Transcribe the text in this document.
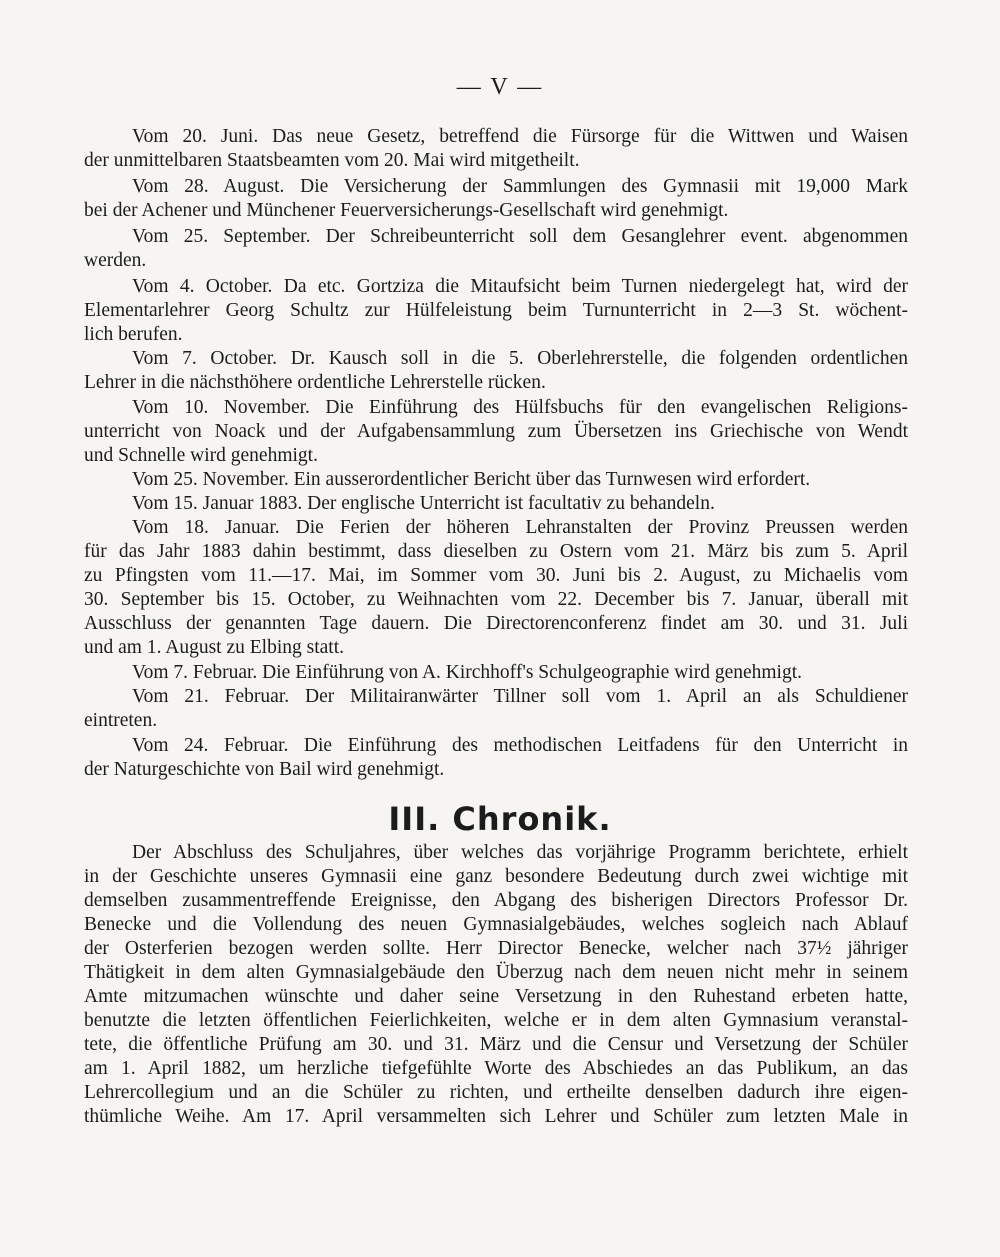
— V —
Vom 20. Juni. Das neue Gesetz, betreffend die Fürsorge für die Wittwen und Waisen
der unmittelbaren Staatsbeamten vom 20. Mai wird mitgetheilt.
Vom 28. August. Die Versicherung der Sammlungen des Gymnasii mit 19,000 Mark
bei der Achener und Münchener Feuerversicherungs-Gesellschaft wird genehmigt.
Vom 25. September. Der Schreibeunterricht soll dem Gesanglehrer event. abgenommen
werden.
Vom 4. October. Da etc. Gortziza die Mitaufsicht beim Turnen niedergelegt hat, wird der
Elementarlehrer Georg Schultz zur Hülfeleistung beim Turnunterricht in 2—3 St. wöchent-
lich berufen.
Vom 7. October. Dr. Kausch soll in die 5. Oberlehrerstelle, die folgenden ordentlichen
Lehrer in die nächsthöhere ordentliche Lehrerstelle rücken.
Vom 10. November. Die Einführung des Hülfsbuchs für den evangelischen Religions-
unterricht von Noack und der Aufgabensammlung zum Übersetzen ins Griechische von Wendt
und Schnelle wird genehmigt.
Vom 25. November. Ein ausserordentlicher Bericht über das Turnwesen wird erfordert.
Vom 15. Januar 1883. Der englische Unterricht ist facultativ zu behandeln.
Vom 18. Januar. Die Ferien der höheren Lehranstalten der Provinz Preussen werden
für das Jahr 1883 dahin bestimmt, dass dieselben zu Ostern vom 21. März bis zum 5. April
zu Pfingsten vom 11.—17. Mai, im Sommer vom 30. Juni bis 2. August, zu Michaelis vom
30. September bis 15. October, zu Weihnachten vom 22. December bis 7. Januar, überall mit
Ausschluss der genannten Tage dauern. Die Directorenconferenz findet am 30. und 31. Juli
und am 1. August zu Elbing statt.
Vom 7. Februar. Die Einführung von A. Kirchhoff's Schulgeographie wird genehmigt.
Vom 21. Februar. Der Militairanwärter Tillner soll vom 1. April an als Schuldiener
eintreten.
Vom 24. Februar. Die Einführung des methodischen Leitfadens für den Unterricht in
der Naturgeschichte von Bail wird genehmigt.
III. Chronik.
Der Abschluss des Schuljahres, über welches das vorjährige Programm berichtete, erhielt
in der Geschichte unseres Gymnasii eine ganz besondere Bedeutung durch zwei wichtige mit
demselben zusammentreffende Ereignisse, den Abgang des bisherigen Directors Professor Dr.
Benecke und die Vollendung des neuen Gymnasialgebäudes, welches sogleich nach Ablauf
der Osterferien bezogen werden sollte. Herr Director Benecke, welcher nach 37½ jähriger
Thätigkeit in dem alten Gymnasialgebäude den Überzug nach dem neuen nicht mehr in seinem
Amte mitzumachen wünschte und daher seine Versetzung in den Ruhestand erbeten hatte,
benutzte die letzten öffentlichen Feierlichkeiten, welche er in dem alten Gymnasium veranstal-
tete, die öffentliche Prüfung am 30. und 31. März und die Censur und Versetzung der Schüler
am 1. April 1882, um herzliche tiefgefühlte Worte des Abschiedes an das Publikum, an das
Lehrercollegium und an die Schüler zu richten, und ertheilte denselben dadurch ihre eigen-
thümliche Weihe. Am 17. April versammelten sich Lehrer und Schüler zum letzten Male in
